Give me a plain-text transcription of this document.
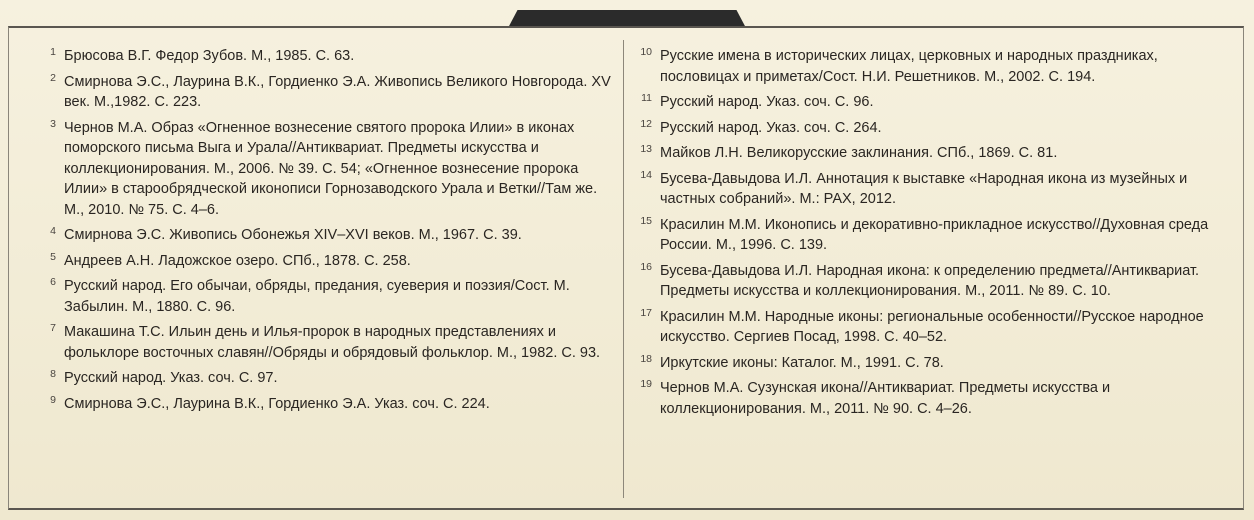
1 Брюсова В.Г. Федор Зубов. М., 1985. С. 63.
2 Смирнова Э.С., Лаурина В.К., Гордиенко Э.А. Живопись Великого Новгорода. XV век. М.,1982. С. 223.
3 Чернов М.А. Образ «Огненное вознесение святого пророка Илии» в иконах поморского письма Выга и Урала//Антиквариат. Предметы искусства и коллекционирования. М., 2006. № 39. С. 54; «Огненное вознесение пророка Илии» в старообрядческой иконописи Горнозаводского Урала и Ветки//Там же. М., 2010. № 75. С. 4–6.
4 Смирнова Э.С. Живопись Обонежья XIV–XVI веков. М., 1967. С. 39.
5 Андреев А.Н. Ладожское озеро. СПб., 1878. С. 258.
6 Русский народ. Его обычаи, обряды, предания, суеверия и поэзия/Сост. М. Забылин. М., 1880. С. 96.
7 Макашина Т.С. Ильин день и Илья-пророк в народных представлениях и фольклоре восточных славян//Обряды и обрядовый фольклор. М., 1982. С. 93.
8 Русский народ. Указ. соч. С. 97.
9 Смирнова Э.С., Лаурина В.К., Гордиенко Э.А. Указ. соч. С. 224.
10 Русские имена в исторических лицах, церковных и народных праздниках, пословицах и приметах/Сост. Н.И. Решетников. М., 2002. С. 194.
11 Русский народ. Указ. соч. С. 96.
12 Русский народ. Указ. соч. С. 264.
13 Майков Л.Н. Великорусские заклинания. СПб., 1869. С. 81.
14 Бусева-Давыдова И.Л. Аннотация к выставке «Народная икона из музейных и частных собраний». М.: РАХ, 2012.
15 Красилин М.М. Иконопись и декоративно-прикладное искусство//Духовная среда России. М., 1996. С. 139.
16 Бусева-Давыдова И.Л. Народная икона: к определению предмета//Антиквариат. Предметы искусства и коллекционирования. М., 2011. № 89. С. 10.
17 Красилин М.М. Народные иконы: региональные особенности//Русское народное искусство. Сергиев Посад, 1998. С. 40–52.
18 Иркутские иконы: Каталог. М., 1991. С. 78.
19 Чернов М.А. Сузунская икона//Антиквариат. Предметы искусства и коллекционирования. М., 2011. № 90. С. 4–26.
